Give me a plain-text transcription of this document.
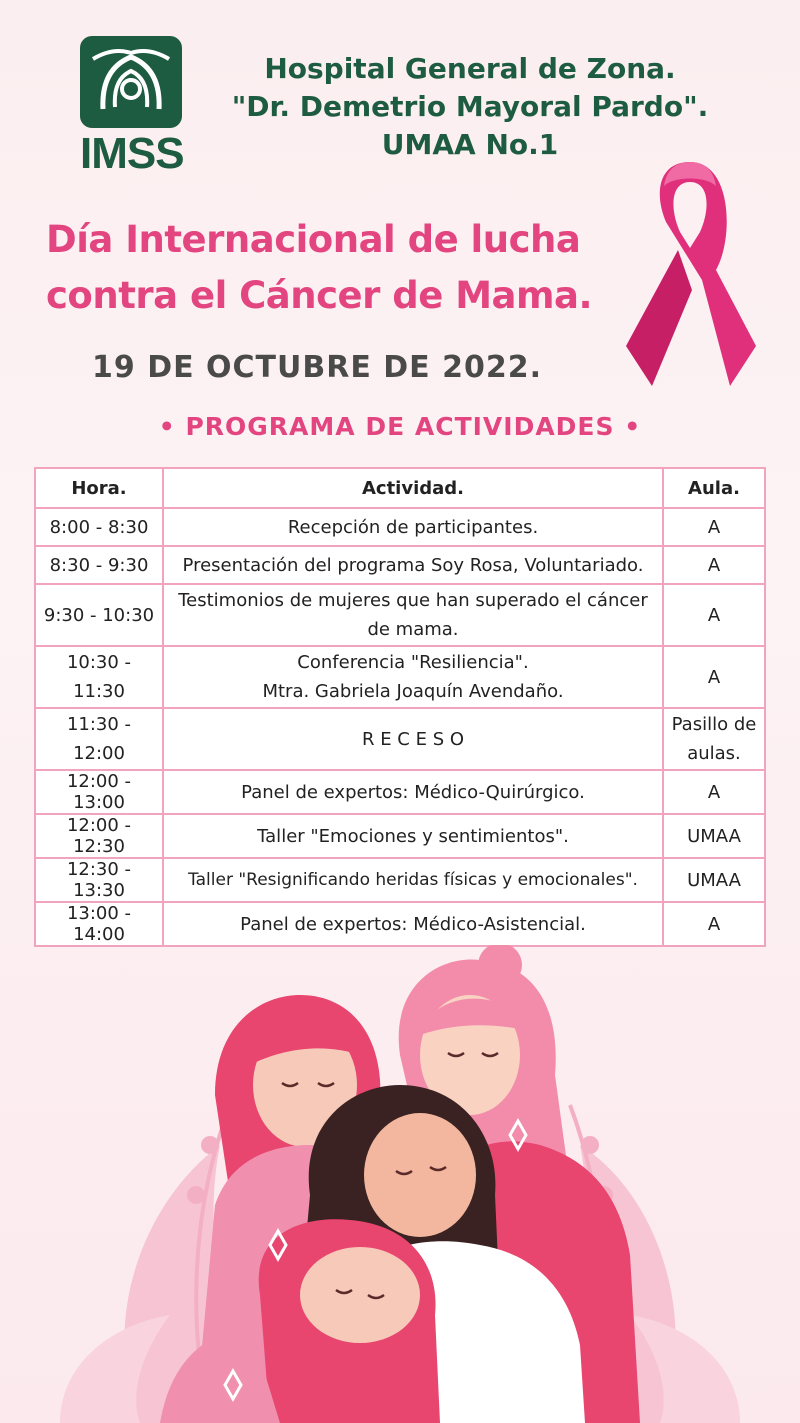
IMSS
Hospital General de Zona.
"Dr. Demetrio Mayoral Pardo".
UMAA No.1
Día Internacional de lucha
contra el Cáncer de Mama.
19 DE OCTUBRE DE 2022.
• PROGRAMA DE ACTIVIDADES •
Hora.	Actividad.	Aula.
8:00 - 8:30	Recepción de participantes.	A
8:30 - 9:30	Presentación del programa Soy Rosa, Voluntariado.	A
9:30 - 10:30	Testimonios de mujeres que han superado el cáncer de mama.	A
10:30 - 11:30	Conferencia "Resiliencia".
Mtra. Gabriela Joaquín Avendaño.	A
11:30 - 12:00	R E C E S O	Pasillo de aulas.
12:00 - 13:00	Panel de expertos: Médico-Quirúrgico.	A
12:00 - 12:30	Taller "Emociones y sentimientos".	UMAA
12:30 - 13:30	Taller "Resignificando heridas físicas y emocionales".	UMAA
13:00 - 14:00	Panel de expertos: Médico-Asistencial.	A
